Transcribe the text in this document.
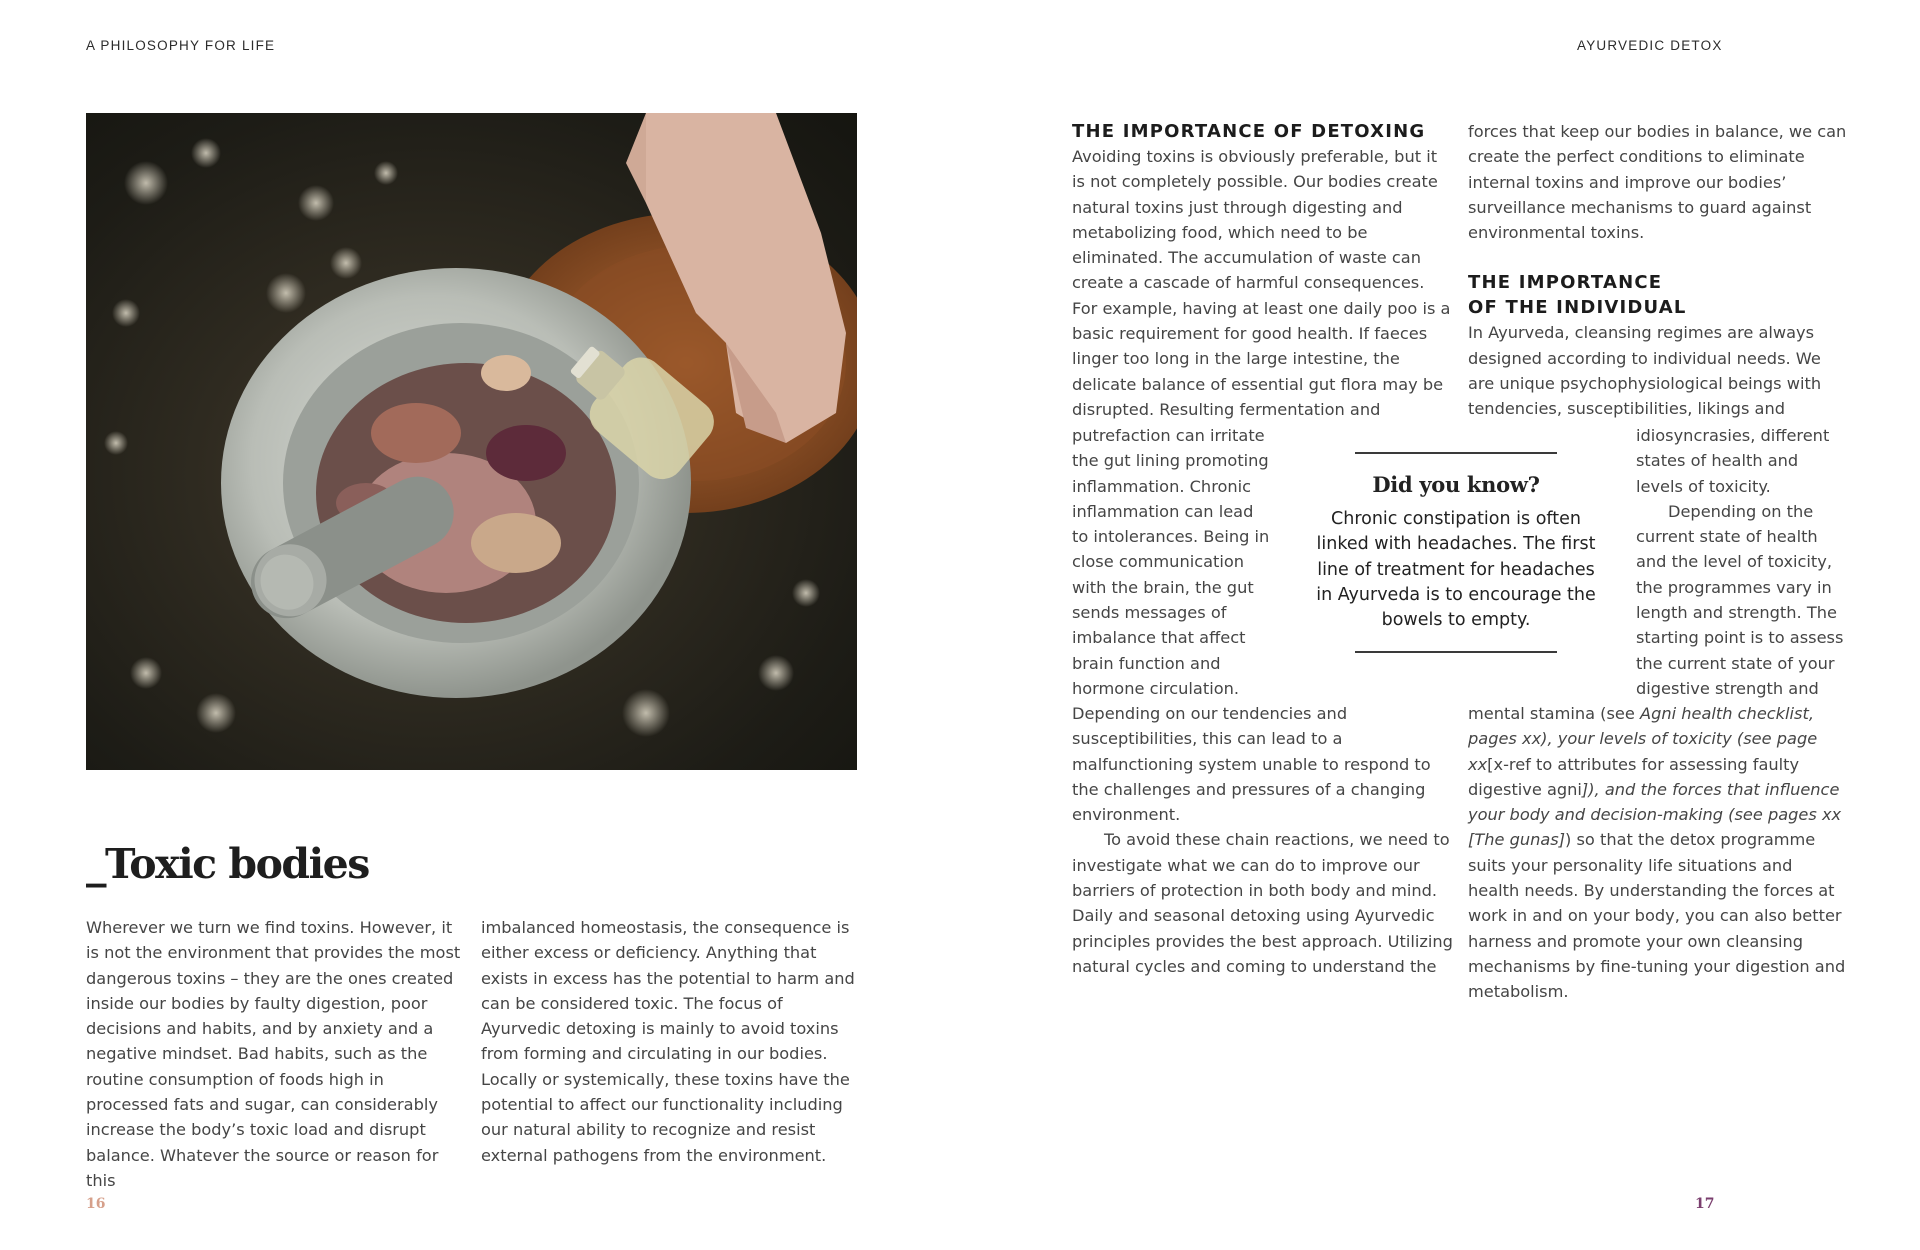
A PHILOSOPHY FOR LIFE	AYURVEDIC DETOX
_Toxic bodies

Wherever we turn we find toxins. However, it is not the environment that provides the most dangerous toxins – they are the ones created inside our bodies by faulty digestion, poor decisions and habits, and by anxiety and a negative mindset. Bad habits, such as the routine consumption of foods high in processed fats and sugar, can considerably increase the body’s toxic load and disrupt balance. Whatever the source or reason for this

imbalanced homeostasis, the consequence is either excess or deficiency. Anything that exists in excess has the potential to harm and can be considered toxic. The focus of Ayurvedic detoxing is mainly to avoid toxins from forming and circulating in our bodies. Locally or systemically, these toxins have the potential to affect our functionality including our natural ability to recognize and resist external pathogens from the environment.

THE IMPORTANCE OF DETOXING

Avoiding toxins is obviously preferable, but it is not completely possible. Our bodies create natural toxins just through digesting and metabolizing food, which need to be eliminated. The accumulation of waste can create a cascade of harmful consequences. For example, having at least one daily poo is a basic requirement for good health. If faeces linger too long in the large intestine, the delicate balance of essential gut flora may be disrupted. Resulting fermentation and

forces that keep our bodies in balance, we can create the perfect conditions to eliminate internal toxins and improve our bodies’ surveillance mechanisms to guard against environmental toxins.

THE IMPORTANCE
OF THE INDIVIDUAL

In Ayurveda, cleansing regimes are always designed according to individual needs. We are unique psychophysiological beings with tendencies, susceptibilities, likings and

putrefaction can irritate the gut lining promoting inflammation. Chronic inflammation can lead to intolerances. Being in close communication with the brain, the gut sends messages of imbalance that affect brain function and hormone circulation.

Did you know?

Chronic constipation is often linked with headaches. The first line of treatment for headaches in Ayurveda is to encourage the bowels to empty.

idiosyncrasies, different states of health and levels of toxicity.

Depending on the current state of health and the level of toxicity, the programmes vary in length and strength. The starting point is to assess the current state of your digestive strength and

Depending on our tendencies and susceptibilities, this can lead to a malfunctioning system unable to respond to the challenges and pressures of a changing environment.

To avoid these chain reactions, we need to investigate what we can do to improve our barriers of protection in both body and mind. Daily and seasonal detoxing using Ayurvedic principles provides the best approach. Utilizing natural cycles and coming to understand the

mental stamina (see Agni health checklist, pages xx), your levels of toxicity (see page xx[x-ref to attributes for assessing faulty digestive agni]), and the forces that influence your body and decision-making (see pages xx [The gunas]) so that the detox programme suits your personality life situations and health needs. By understanding the forces at work in and on your body, you can also better harness and promote your own cleansing mechanisms by fine-tuning your digestion and metabolism.

16	17
